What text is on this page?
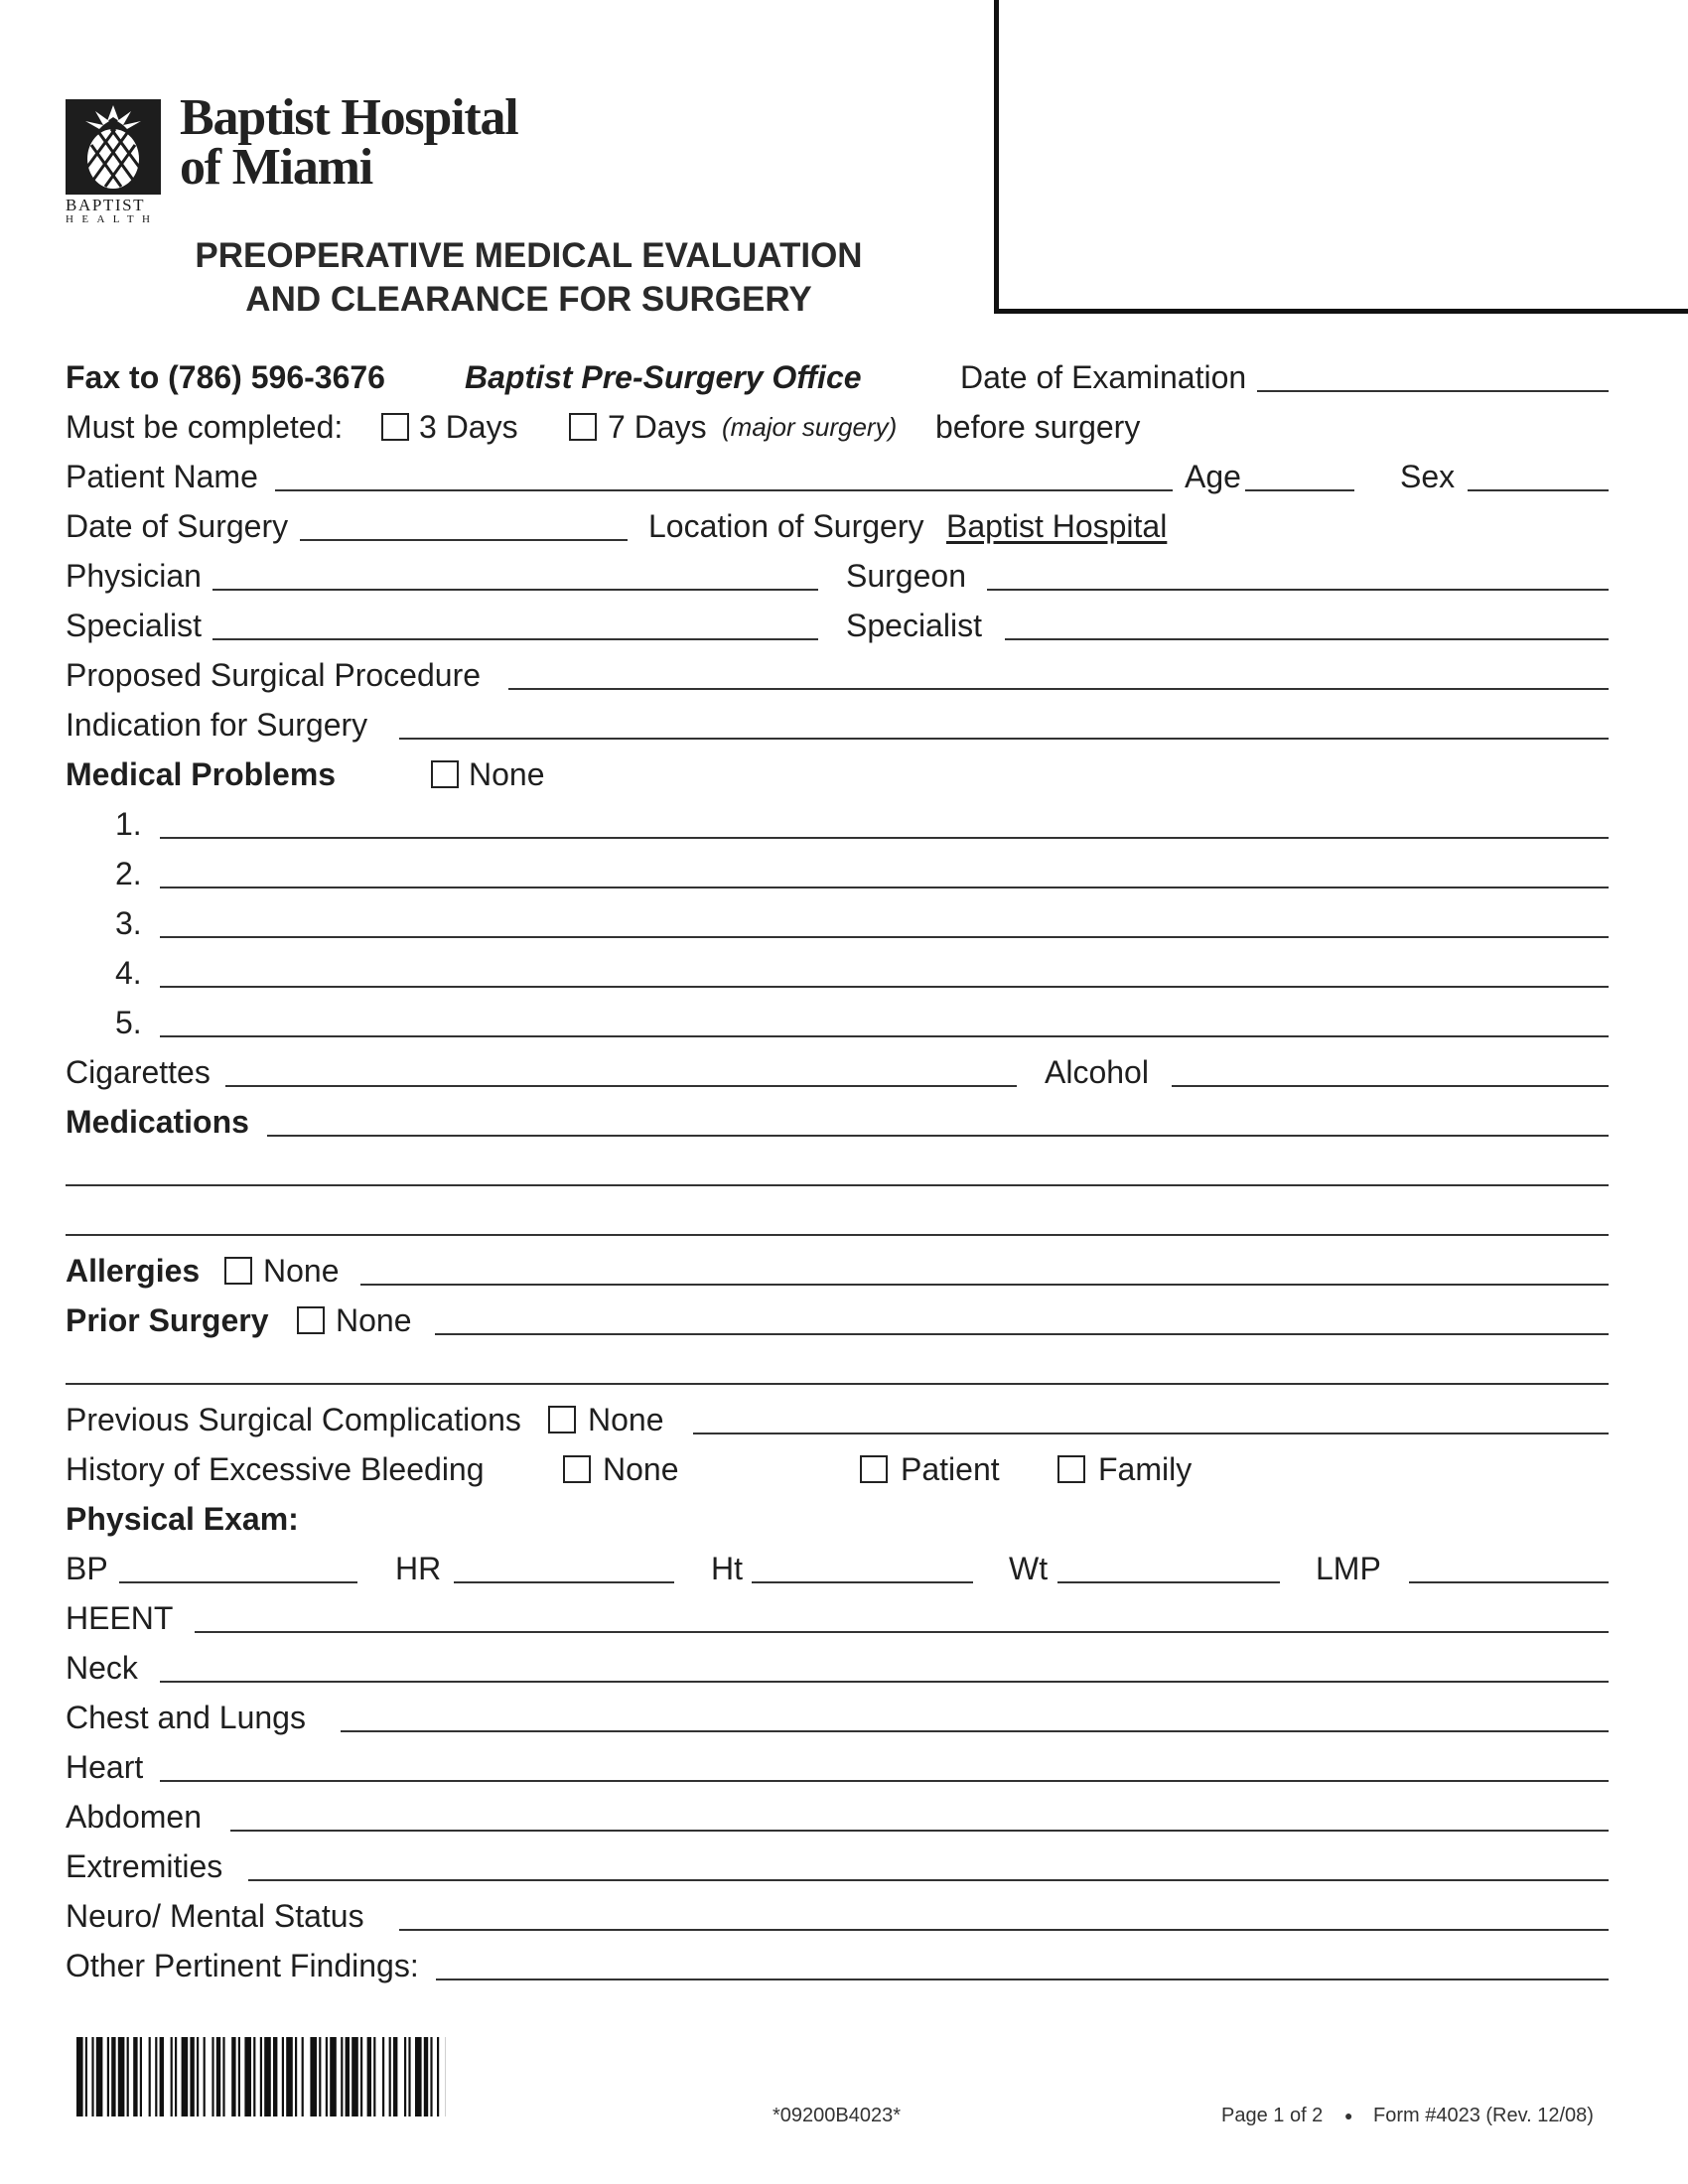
BAPTIST
HEALTH
Baptist Hospital
of Miami
PREOPERATIVE MEDICAL EVALUATION
AND CLEARANCE FOR SURGERY
Fax to (786) 596-3676	Baptist Pre-Surgery Office	Date of Examination
Must be completed: 3 Days	7 Days (major surgery) before surgery
Patient Name	Age	Sex
Date of Surgery	Location of Surgery Baptist Hospital
Physician	Surgeon
Specialist	Specialist
Proposed Surgical Procedure
Indication for Surgery
Medical Problems	None
1.
2.
3.
4.
5.
Cigarettes	Alcohol
Medications
Allergies None
Prior Surgery None
Previous Surgical Complications None
History of Excessive Bleeding	None	Patient	Family
Physical Exam:
BP	HR	Ht	Wt	LMP
HEENT
Neck
Chest and Lungs
Heart
Abdomen
Extremities
Neuro/ Mental Status
Other Pertinent Findings:
*09200B4023*	Page 1 of 2 ● Form #4023 (Rev. 12/08)
